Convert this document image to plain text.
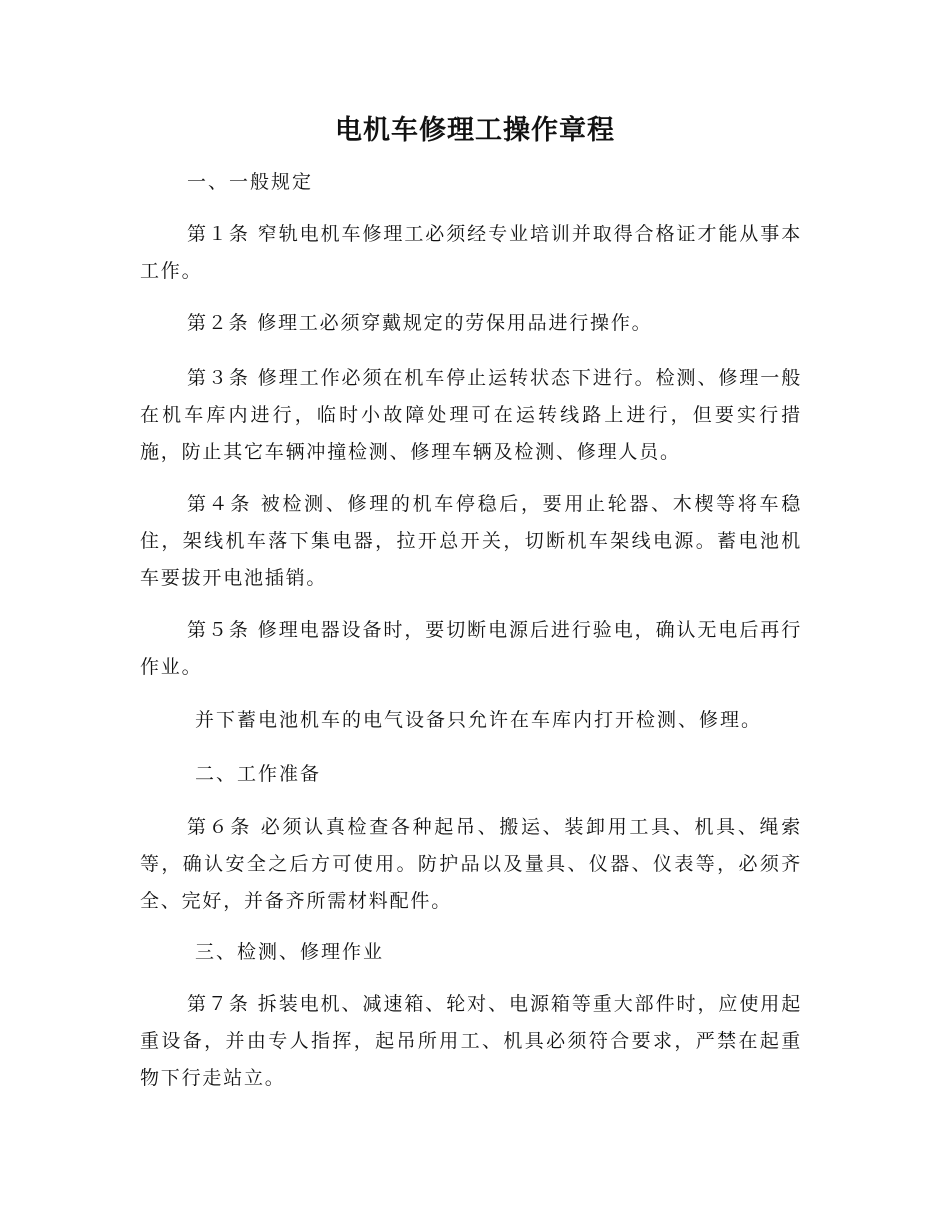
电机车修理工操作章程

一、一般规定

第１条 窄轨电机车修理工必须经专业培训并取得合格证才能从事本工作。

第２条 修理工必须穿戴规定的劳保用品进行操作。

第３条 修理工作必须在机车停止运转状态下进行。检测、修理一般在机车库内进行，临时小故障处理可在运转线路上进行，但要实行措施，防止其它车辆冲撞检测、修理车辆及检测、修理人员。

第４条 被检测、修理的机车停稳后，要用止轮器、木楔等将车稳住，架线机车落下集电器，拉开总开关，切断机车架线电源。蓄电池机车要拔开电池插销。

第５条 修理电器设备时，要切断电源后进行验电，确认无电后再行作业。

并下蓄电池机车的电气设备只允许在车库内打开检测、修理。

二、工作准备

第６条 必须认真检查各种起吊、搬运、装卸用工具、机具、绳索等，确认安全之后方可使用。防护品以及量具、仪器、仪表等，必须齐全、完好，并备齐所需材料配件。

三、检测、修理作业

第７条 拆装电机、减速箱、轮对、电源箱等重大部件时，应使用起重设备，并由专人指挥，起吊所用工、机具必须符合要求，严禁在起重物下行走站立。
